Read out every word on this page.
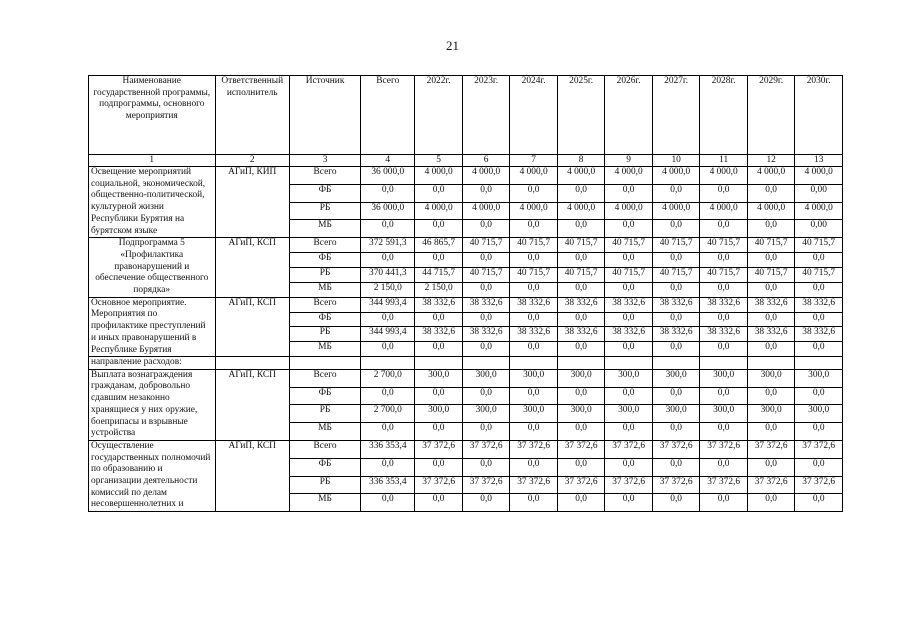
21
Наименование государственной программы, подпрограммы, основного мероприятия	Ответственный исполнитель	Источник	Всего	2022г.	2023г.	2024г.	2025г.	2026г.	2027г.	2028г.	2029г.	2030г.
1	2	3	4	5	6	7	8	9	10	11	12	13
Освещение мероприятий социальной, экономической, общественно-политической, культурной жизни Республики Бурятия на бурятском языке	АГиП, КИП	Всего	36 000,0	4 000,0	4 000,0	4 000,0	4 000,0	4 000,0	4 000,0	4 000,0	4 000,0	4 000,0
		ФБ	0,0	0,0	0,0	0,0	0,0	0,0	0,0	0,0	0,0	0,00
		РБ	36 000,0	4 000,0	4 000,0	4 000,0	4 000,0	4 000,0	4 000,0	4 000,0	4 000,0	4 000,0
		МБ	0,0	0,0	0,0	0,0	0,0	0,0	0,0	0,0	0,0	0,00
Подпрограмма 5 «Профилактика правонарушений и обеспечение общественного порядка»	АГиП, КСП	Всего	372 591,3	46 865,7	40 715,7	40 715,7	40 715,7	40 715,7	40 715,7	40 715,7	40 715,7	40 715,7
		ФБ	0,0	0,0	0,0	0,0	0,0	0,0	0,0	0,0	0,0	0,0
		РБ	370 441,3	44 715,7	40 715,7	40 715,7	40 715,7	40 715,7	40 715,7	40 715,7	40 715,7	40 715,7
		МБ	2 150,0	2 150,0	0,0	0,0	0,0	0,0	0,0	0,0	0,0	0,0
Основное мероприятие. Мероприятия по профилактике преступлений и иных правонарушений в Республике Бурятия	АГиП, КСП	Всего	344 993,4	38 332,6	38 332,6	38 332,6	38 332,6	38 332,6	38 332,6	38 332,6	38 332,6	38 332,6
		ФБ	0,0	0,0	0,0	0,0	0,0	0,0	0,0	0,0	0,0	0,0
		РБ	344 993,4	38 332,6	38 332,6	38 332,6	38 332,6	38 332,6	38 332,6	38 332,6	38 332,6	38 332,6
		МБ	0,0	0,0	0,0	0,0	0,0	0,0	0,0	0,0	0,0	0,0
направление расходов:												
Выплата вознаграждения гражданам, добровольно сдавшим незаконно хранящиеся у них оружие, боеприпасы и взрывные устройства	АГиП, КСП	Всего	2 700,0	300,0	300,0	300,0	300,0	300,0	300,0	300,0	300,0	300,0
		ФБ	0,0	0,0	0,0	0,0	0,0	0,0	0,0	0,0	0,0	0,0
		РБ	2 700,0	300,0	300,0	300,0	300,0	300,0	300,0	300,0	300,0	300,0
		МБ	0,0	0,0	0,0	0,0	0,0	0,0	0,0	0,0	0,0	0,0
Осуществление государственных полномочий по образованию и организации деятельности комиссий по делам несовершеннолетних и	АГиП, КСП	Всего	336 353,4	37 372,6	37 372,6	37 372,6	37 372,6	37 372,6	37 372,6	37 372,6	37 372,6	37 372,6
		ФБ	0,0	0,0	0,0	0,0	0,0	0,0	0,0	0,0	0,0	0,0
		РБ	336 353,4	37 372,6	37 372,6	37 372,6	37 372,6	37 372,6	37 372,6	37 372,6	37 372,6	37 372,6
		МБ	0,0	0,0	0,0	0,0	0,0	0,0	0,0	0,0	0,0	0,0
